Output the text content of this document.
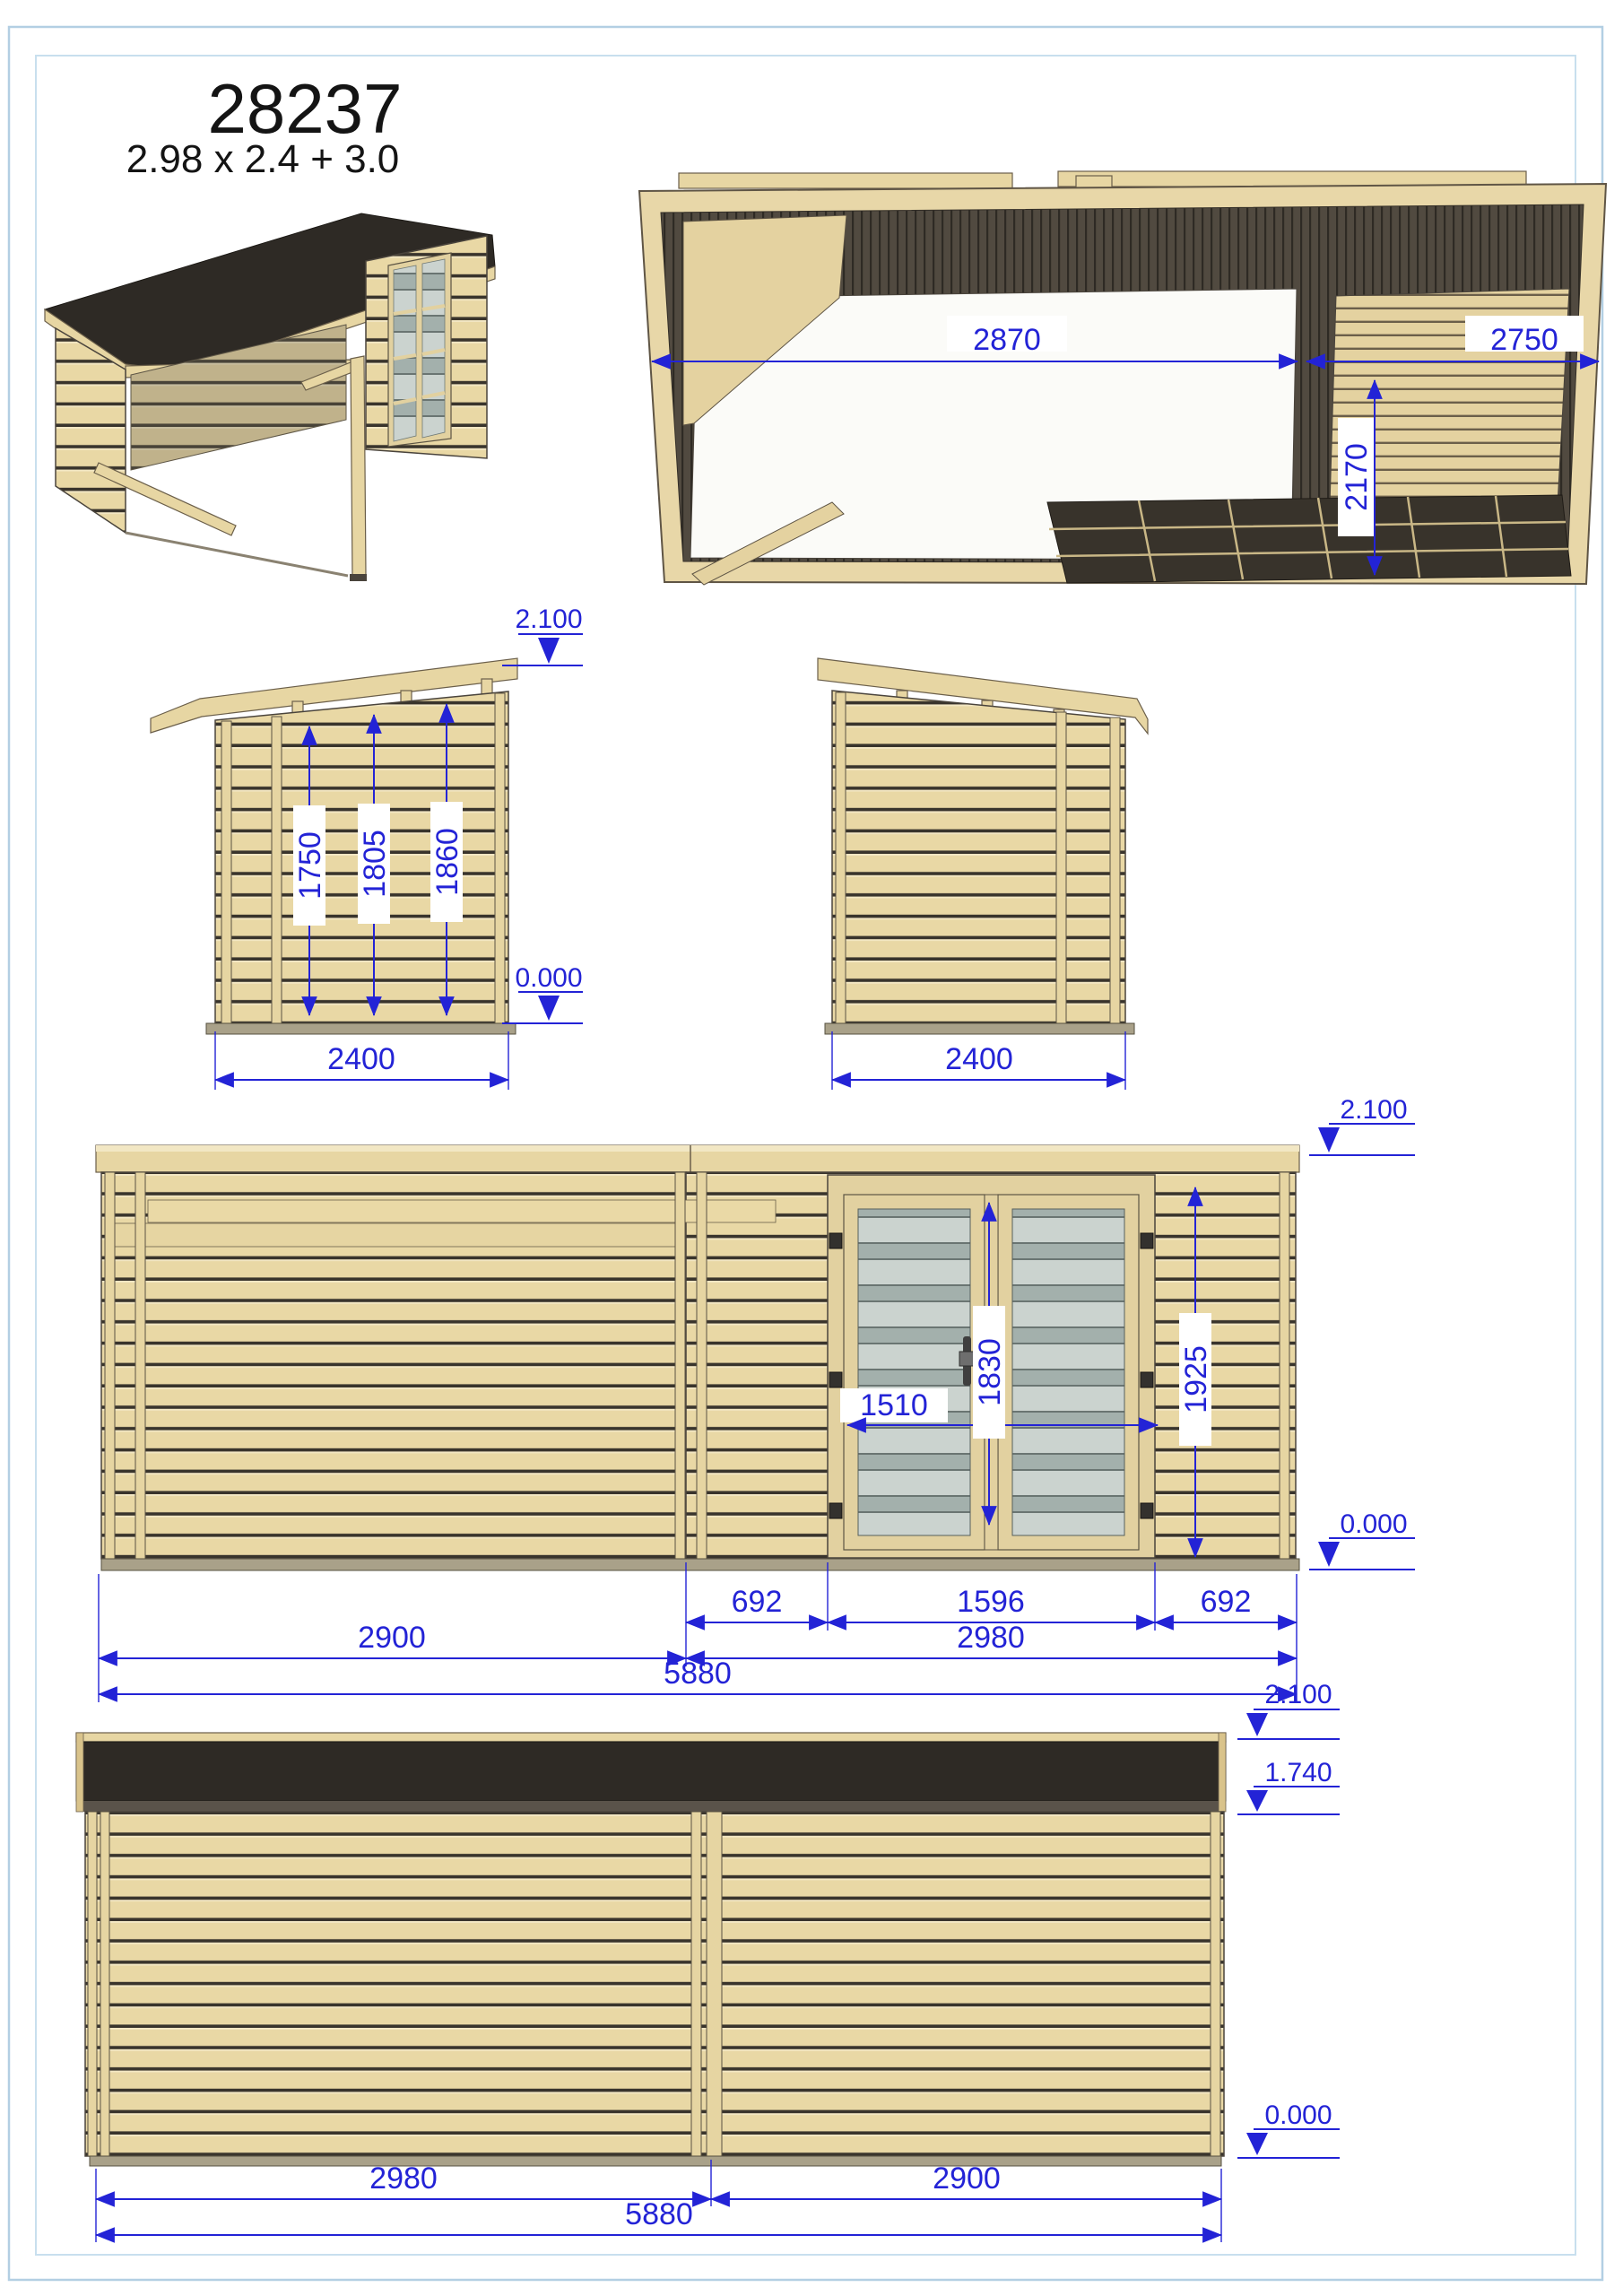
28237
2.98 x 2.4 + 3.0
2870	2750
2170
2.100
0.000
1750 1805 1860
2400	2400
1510 1830	1925
2.100
0.000
692	1596	692
2900	2980
5880
2.100
1.740
0.000
2980	2900
5880
